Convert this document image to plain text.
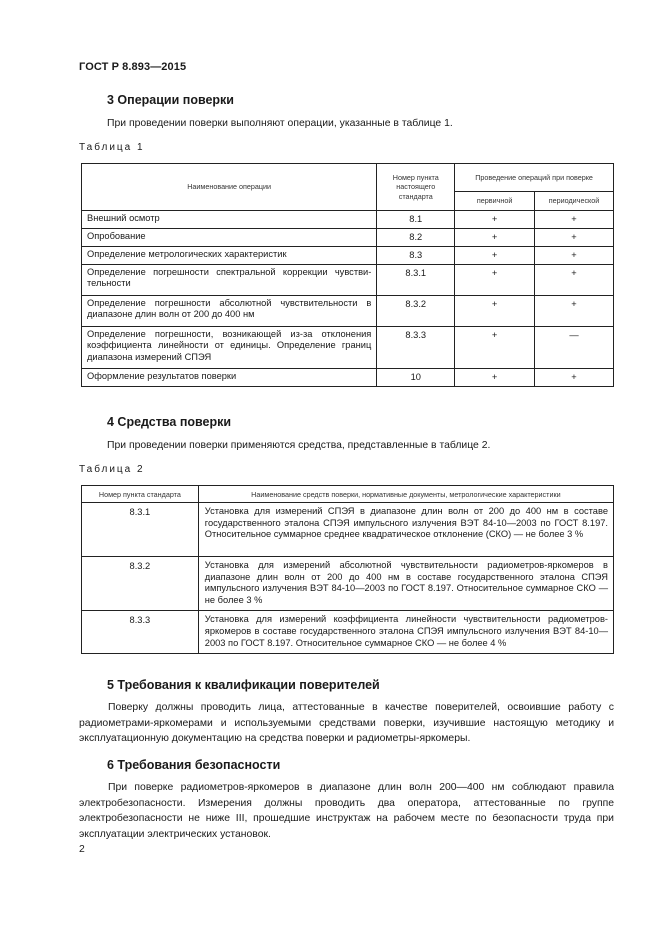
ГОСТ Р 8.893—2015
3 Операции поверки
При проведении поверки выполняют операции, указанные в таблице 1.
Таблица 1
Наименование операции	Номер пункта настоящего стандарта	Проведение операций при поверке	
		первичной	периодической
Внешний осмотр	8.1	+	+
Опробование	8.2	+	+
Определение метрологических характеристик	8.3	+	+
Определение погрешности спектральной коррекции чувстви-тельности	8.3.1	+	+
Определение погрешности абсолютной чувствительности в диапазоне длин волн от 200 до 400 нм	8.3.2	+	+
Определение погрешности, возникающей из-за отклонения коэффициента линейности от единицы. Определение границ диапазона измерений СПЭЯ	8.3.3	+	—
Оформление результатов поверки	10	+	+
4 Средства поверки
При проведении поверки применяются средства, представленные в таблице 2.
Таблица 2
Номер пункта стандарта	Наименование средств поверки, нормативные документы, метрологические характеристики
8.3.1	Установка для измерений СПЭЯ в диапазоне длин волн от 200 до 400 нм в составе государственного эталона СПЭЯ импульсного излучения ВЭТ 84-10—2003 по ГОСТ 8.197. Относительное суммарное среднее квадратическое отклонение (СКО) — не более 3 %
8.3.2	Установка для измерений абсолютной чувствительности радиометров-яркомеров в диапазоне длин волн от 200 до 400 нм в составе государственного эталона СПЭЯ импульсного излучения ВЭТ 84-10—2003 по ГОСТ 8.197. Относительное суммарное СКО — не более 3 %
8.3.3	Установка для измерений коэффициента линейности чувствительности радиометров-яркомеров в составе государственного эталона СПЭЯ импульсного излучения ВЭТ 84-10—2003 по ГОСТ 8.197. Относительное суммарное СКО — не более 4 %
5 Требования к квалификации поверителей
Поверку должны проводить лица, аттестованные в качестве поверителей, освоившие работу с радиометрами-яркомерами и используемыми средствами поверки, изучившие настоящую методику и эксплуатационную документацию на средства поверки и радиометры-яркомеры.
6 Требования безопасности
При поверке радиометров-яркомеров в диапазоне длин волн 200—400 нм соблюдают правила электробезопасности. Измерения должны проводить два оператора, аттестованные по группе электробезопасности не ниже III, прошедшие инструктаж на рабочем месте по безопасности труда при эксплуатации электрических установок.
2
